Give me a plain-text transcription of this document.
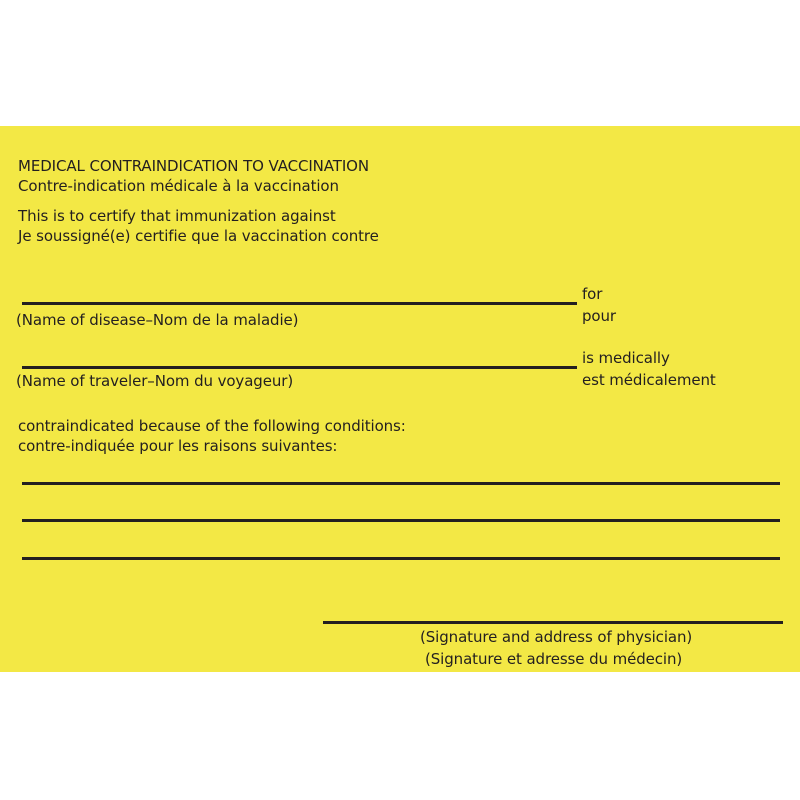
MEDICAL CONTRAINDICATION TO VACCINATION
Contre-indication médicale à la vaccination
This is to certify that immunization against
Je soussigné(e) certifie que la vaccination contre
(Name of disease–Nom de la maladie)
for
pour
(Name of traveler–Nom du voyageur)
is medically
est médicalement
contraindicated because of the following conditions:
contre-indiquée pour les raisons suivantes:
(Signature and address of physician)
(Signature et adresse du médecin)
